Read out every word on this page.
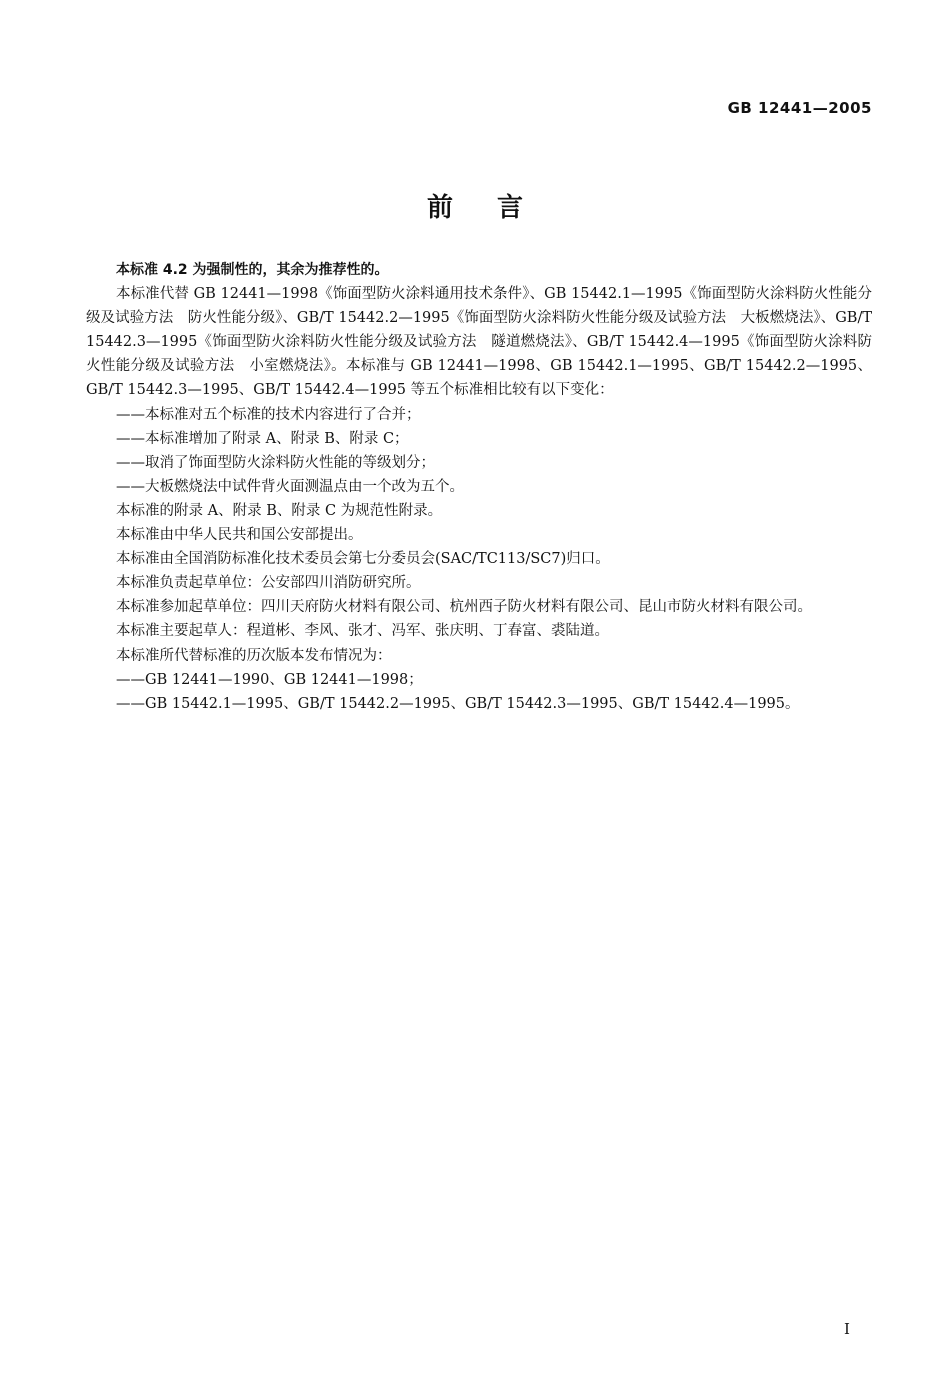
GB 12441—2005
前言

本标准 4.2 为强制性的，其余为推荐性的。

本标准代替 GB 12441—1998《饰面型防火涂料通用技术条件》、GB 15442.1—1995《饰面型防火涂料防火性能分级及试验方法　防火性能分级》、GB/T 15442.2—1995《饰面型防火涂料防火性能分级及试验方法　大板燃烧法》、GB/T 15442.3—1995《饰面型防火涂料防火性能分级及试验方法　隧道燃烧法》、GB/T 15442.4—1995《饰面型防火涂料防火性能分级及试验方法　小室燃烧法》。本标准与 GB 12441—1998、GB 15442.1—1995、GB/T 15442.2—1995、GB/T 15442.3—1995、GB/T 15442.4—1995 等五个标准相比较有以下变化：

——本标准对五个标准的技术内容进行了合并；

——本标准增加了附录 A、附录 B、附录 C；

——取消了饰面型防火涂料防火性能的等级划分；

——大板燃烧法中试件背火面测温点由一个改为五个。

本标准的附录 A、附录 B、附录 C 为规范性附录。

本标准由中华人民共和国公安部提出。

本标准由全国消防标准化技术委员会第七分委员会(SAC/TC113/SC7)归口。

本标准负责起草单位：公安部四川消防研究所。

本标准参加起草单位：四川天府防火材料有限公司、杭州西子防火材料有限公司、昆山市防火材料有限公司。

本标准主要起草人：程道彬、李风、张才、冯军、张庆明、丁春富、裘陆道。

本标准所代替标准的历次版本发布情况为：

——GB 12441—1990、GB 12441—1998；

——GB 15442.1—1995、GB/T 15442.2—1995、GB/T 15442.3—1995、GB/T 15442.4—1995。

I
